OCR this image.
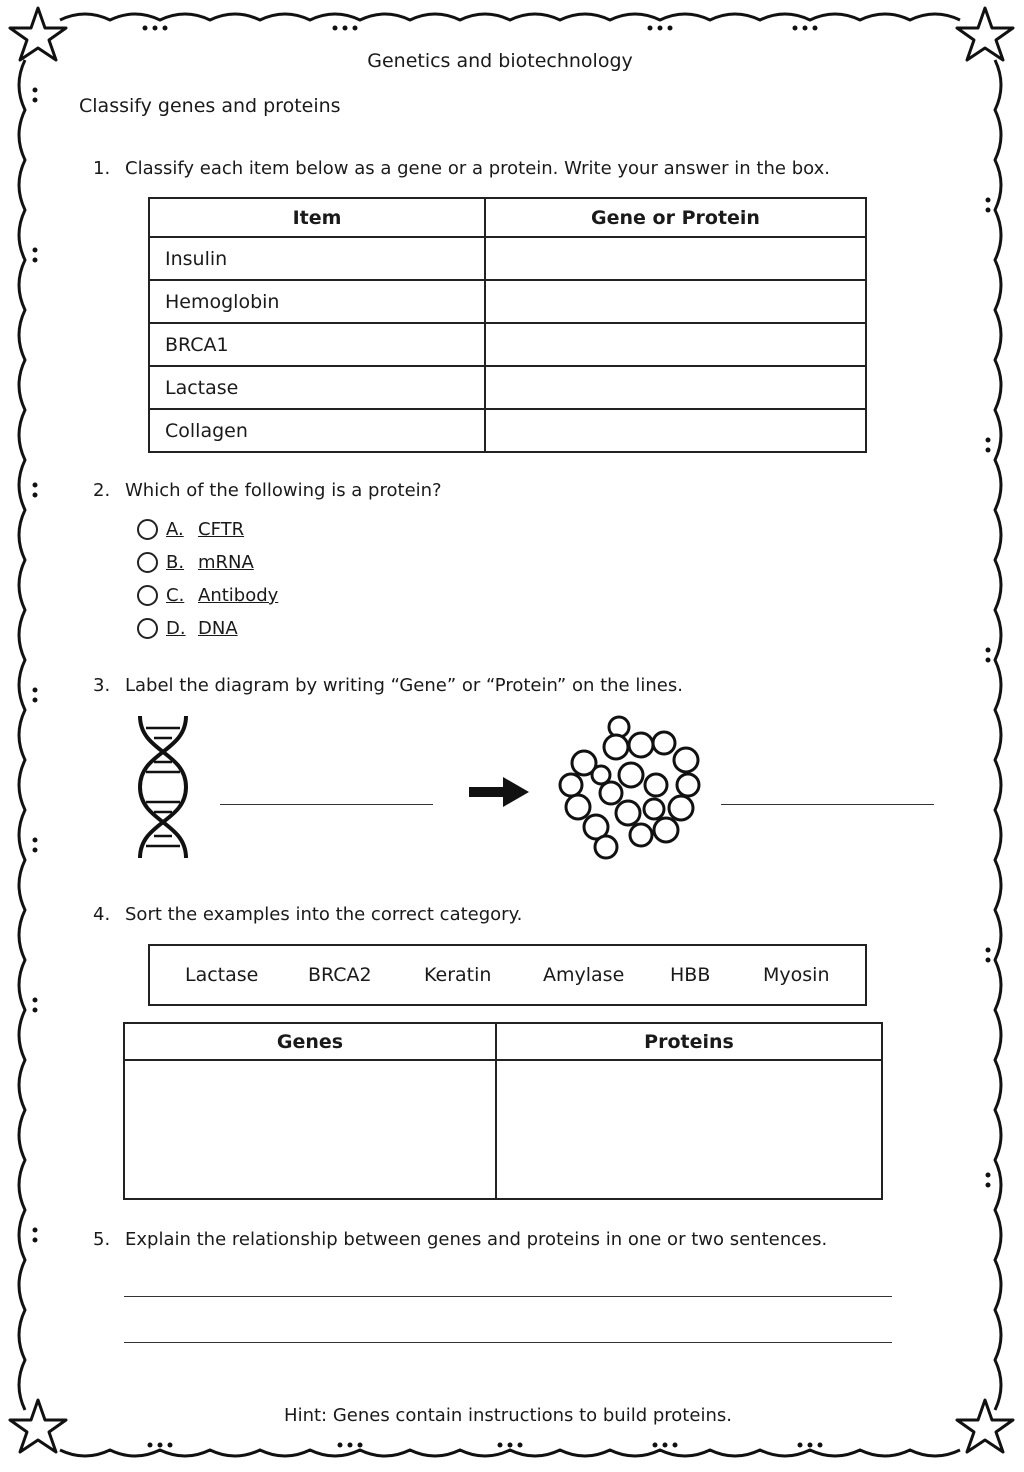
Genetics and biotechnology
Classify genes and proteins
1. Classify each item below as a gene or a protein. Write your answer in the box.
Item	Gene or Protein
Insulin	
Hemoglobin	
BRCA1	
Lactase	
Collagen	
2. Which of the following is a protein?
A. CFTR
B. mRNA
C. Antibody
D. DNA
3. Label the diagram by writing “Gene” or “Protein” on the lines.
4. Sort the examples into the correct category.
Lactase	BRCA2	Keratin	Amylase HBB	Myosin
Genes	Proteins

5. Explain the relationship between genes and proteins in one or two sentences.
Hint: Genes contain instructions to build proteins.
